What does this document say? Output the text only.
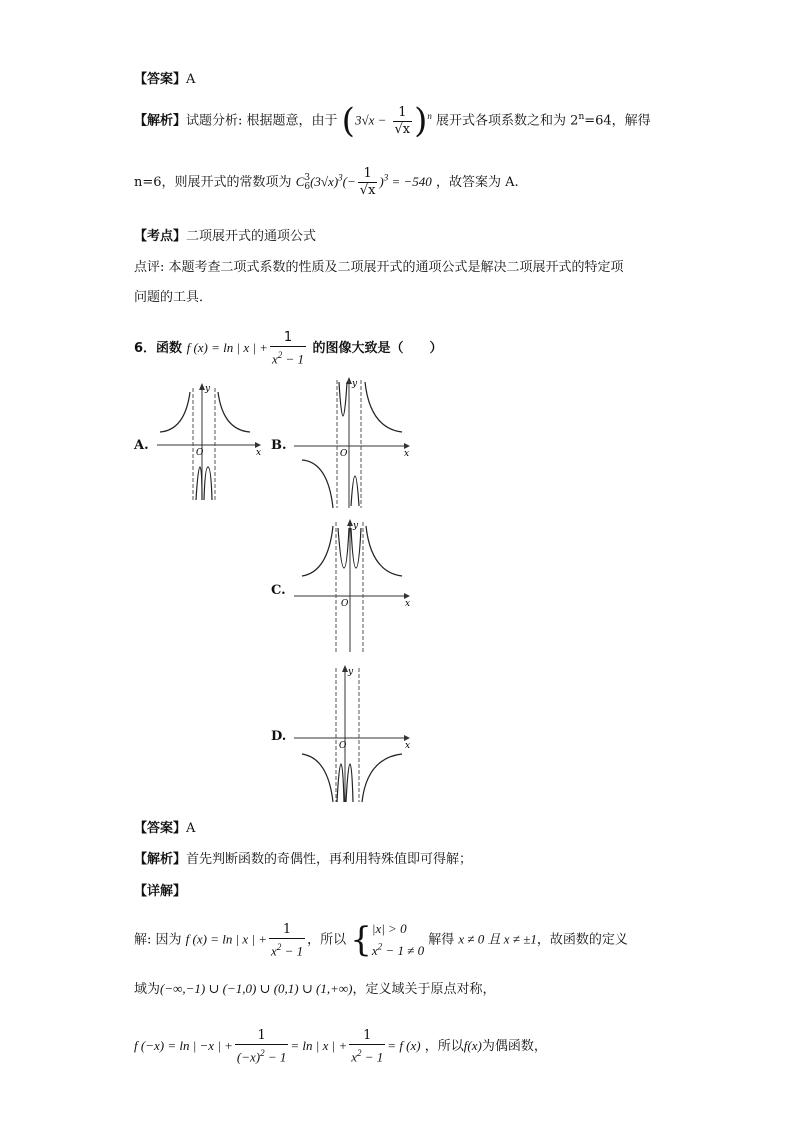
【答案】A
【解析】试题分析: 根据题意，由于 $(3√x - \frac{1}{√x} )^n$ 展开式各项系数之和为 $2^n=64$，解得
n=6，则展开式的常数项为 C3
$6(3√x)^3(- \frac{1}{√x} )^3 = -540$ ，故答案为 A.
【考点】二项展开式的通项公式
点评: 本题考查二项式系数的性质及二项展开式的通项公式是解决二项展开式的特定项
问题的工具．
6．函数 f (x) = ln | x | + $\frac{1}{x^2 - 1}$ 的图像大致是（　　）
A.	O	x
y
B.
O	x
y
C.
O	x
y
D.
O	x
y
【答案】A
【解析】首先判断函数的奇偶性，再利用特殊值即可得解；
【详解】
解: 因为 f (x) = ln | x | + $\frac{1}{x^2 - 1}$ ，所以 {|x| > 0
$x^2 - 1 \ne 0$ 解得 x ≠ 0 且 x ≠ ±1，故函数的定义
域为(−∞,−1) ∪ (−1,0) ∪ (0,1) ∪ (1,+∞)，定义域关于原点对称，
f (−x) = ln | −x | + $\frac{1}{(-x)^2 - 1} = \ln$ | x | + $\frac{1}{x^2 - 1} = f$ (x) ，所以f(x)为偶函数，
